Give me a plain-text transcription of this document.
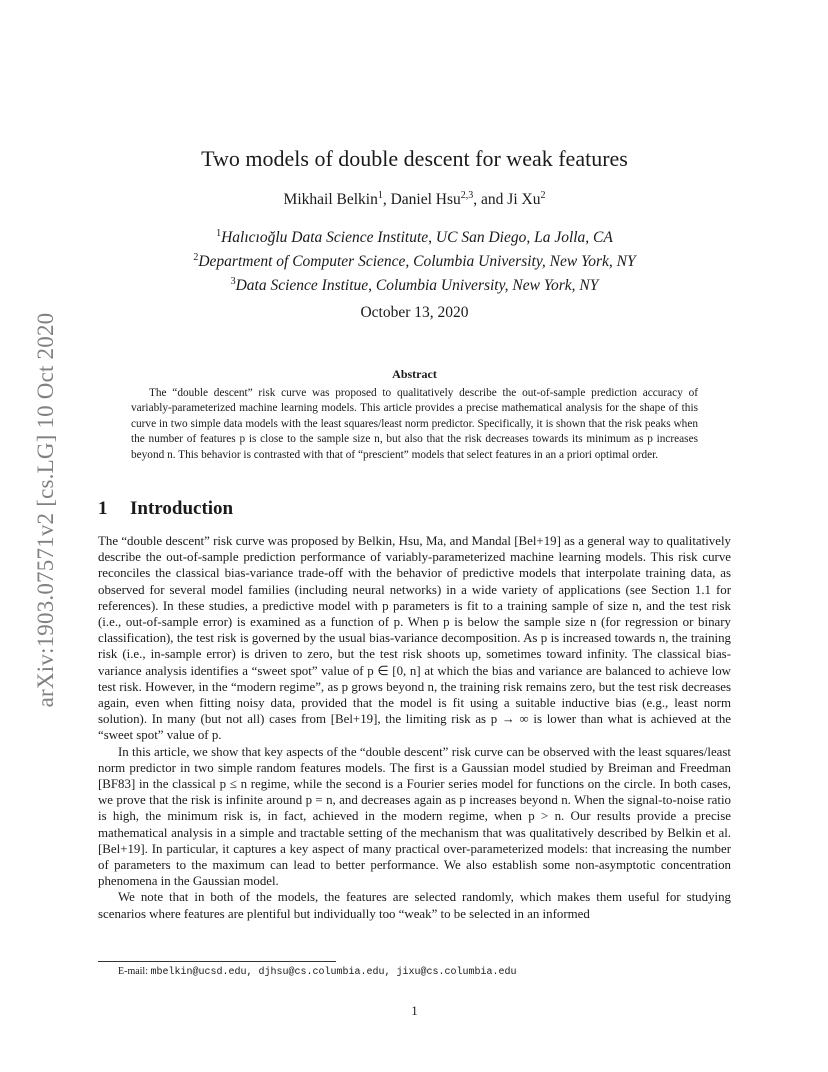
arXiv:1903.07571v2 [cs.LG] 10 Oct 2020
Two models of double descent for weak features
Mikhail Belkin$^1$, Daniel Hsu$^{2,3}$, and Ji Xu$^2$
$^1$Halıcıoğlu Data Science Institute, UC San Diego, La Jolla, CA
$^2$Department of Computer Science, Columbia University, New York, NY
$^3$Data Science Institue, Columbia University, New York, NY
October 13, 2020
Abstract
The “double descent” risk curve was proposed to qualitatively describe the out-of-sample prediction accuracy of variably-parameterized machine learning models. This article provides a precise mathematical analysis for the shape of this curve in two simple data models with the least squares/least norm predictor. Specifically, it is shown that the risk peaks when the number of features p is close to the sample size n, but also that the risk decreases towards its minimum as p increases beyond n. This behavior is contrasted with that of “prescient” models that select features in an a priori optimal order.
1 Introduction

The “double descent” risk curve was proposed by Belkin, Hsu, Ma, and Mandal [Bel+19] as a general way to qualitatively describe the out-of-sample prediction performance of variably-parameterized machine learning models. This risk curve reconciles the classical bias-variance trade-off with the behavior of predictive models that interpolate training data, as observed for several model families (including neural networks) in a wide variety of applications (see Section 1.1 for references). In these studies, a predictive model with p parameters is fit to a training sample of size n, and the test risk (i.e., out-of-sample error) is examined as a function of p. When p is below the sample size n (for regression or binary classification), the test risk is governed by the usual bias-variance decomposition. As p is increased towards n, the training risk (i.e., in-sample error) is driven to zero, but the test risk shoots up, sometimes toward infinity. The classical bias-variance analysis identifies a “sweet spot” value of p ∈ [0, n] at which the bias and variance are balanced to achieve low test risk. However, in the “modern regime”, as p grows beyond n, the training risk remains zero, but the test risk decreases again, even when fitting noisy data, provided that the model is fit using a suitable inductive bias (e.g., least norm solution). In many (but not all) cases from [Bel+19], the limiting risk as p → ∞ is lower than what is achieved at the “sweet spot” value of p.

In this article, we show that key aspects of the “double descent” risk curve can be observed with the least squares/least norm predictor in two simple random features models. The first is a Gaussian model studied by Breiman and Freedman [BF83] in the classical p ≤ n regime, while the second is a Fourier series model for functions on the circle. In both cases, we prove that the risk is infinite around p = n, and decreases again as p increases beyond n. When the signal-to-noise ratio is high, the minimum risk is, in fact, achieved in the modern regime, when p > n. Our results provide a precise mathematical analysis in a simple and tractable setting of the mechanism that was qualitatively described by Belkin et al. [Bel+19]. In particular, it captures a key aspect of many practical over-parameterized models: that increasing the number of parameters to the maximum can lead to better performance. We also establish some non-asymptotic concentration phenomena in the Gaussian model.

We note that in both of the models, the features are selected randomly, which makes them useful for studying scenarios where features are plentiful but individually too “weak” to be selected in an informed

E-mail: mbelkin@ucsd.edu, djhsu@cs.columbia.edu, jixu@cs.columbia.edu
1
